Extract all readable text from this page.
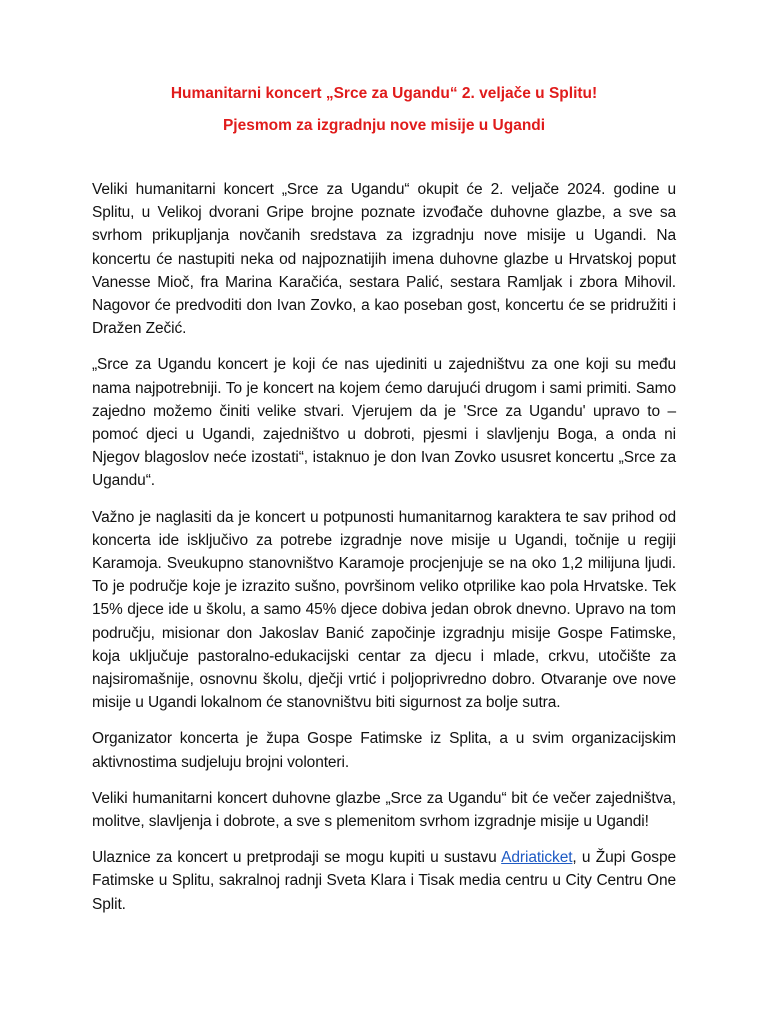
Humanitarni koncert „Srce za Ugandu“ 2. veljače u Splitu!
Pjesmom za izgradnju nove misije u Ugandi

Veliki humanitarni koncert „Srce za Ugandu“ okupit će 2. veljače 2024. godine u Splitu, u Velikoj dvorani Gripe brojne poznate izvođače duhovne glazbe, a sve sa svrhom prikupljanja novčanih sredstava za izgradnju nove misije u Ugandi. Na koncertu će nastupiti neka od najpoznatijih imena duhovne glazbe u Hrvatskoj poput Vanesse Mioč, fra Marina Karačića, sestara Palić, sestara Ramljak i zbora Mihovil. Nagovor će predvoditi don Ivan Zovko, a kao poseban gost, koncertu će se pridružiti i Dražen Zečić.

„Srce za Ugandu koncert je koji će nas ujediniti u zajedništvu za one koji su među nama najpotrebniji. To je koncert na kojem ćemo darujući drugom i sami primiti. Samo zajedno možemo činiti velike stvari. Vjerujem da je 'Srce za Ugandu' upravo to – pomoć djeci u Ugandi, zajedništvo u dobroti, pjesmi i slavljenju Boga, a onda ni Njegov blagoslov neće izostati“, istaknuo je don Ivan Zovko ususret koncertu „Srce za Ugandu“.

Važno je naglasiti da je koncert u potpunosti humanitarnog karaktera te sav prihod od koncerta ide isključivo za potrebe izgradnje nove misije u Ugandi, točnije u regiji Karamoja. Sveukupno stanovništvo Karamoje procjenjuje se na oko 1,2 milijuna ljudi. To je područje koje je izrazito sušno, površinom veliko otprilike kao pola Hrvatske. Tek 15% djece ide u školu, a samo 45% djece dobiva jedan obrok dnevno. Upravo na tom području, misionar don Jakoslav Banić započinje izgradnju misije Gospe Fatimske, koja uključuje pastoralno-edukacijski centar za djecu i mlade, crkvu, utočište za najsiromašnije, osnovnu školu, dječji vrtić i poljoprivredno dobro. Otvaranje ove nove misije u Ugandi lokalnom će stanovništvu biti sigurnost za bolje sutra.

Organizator koncerta je župa Gospe Fatimske iz Splita, a u svim organizacijskim aktivnostima sudjeluju brojni volonteri.

Veliki humanitarni koncert duhovne glazbe „Srce za Ugandu“ bit će večer zajedništva, molitve, slavljenja i dobrote, a sve s plemenitom svrhom izgradnje misije u Ugandi!

Ulaznice za koncert u pretprodaji se mogu kupiti u sustavu Adriaticket, u Župi Gospe Fatimske u Splitu, sakralnoj radnji Sveta Klara i Tisak media centru u City Centru One Split.
